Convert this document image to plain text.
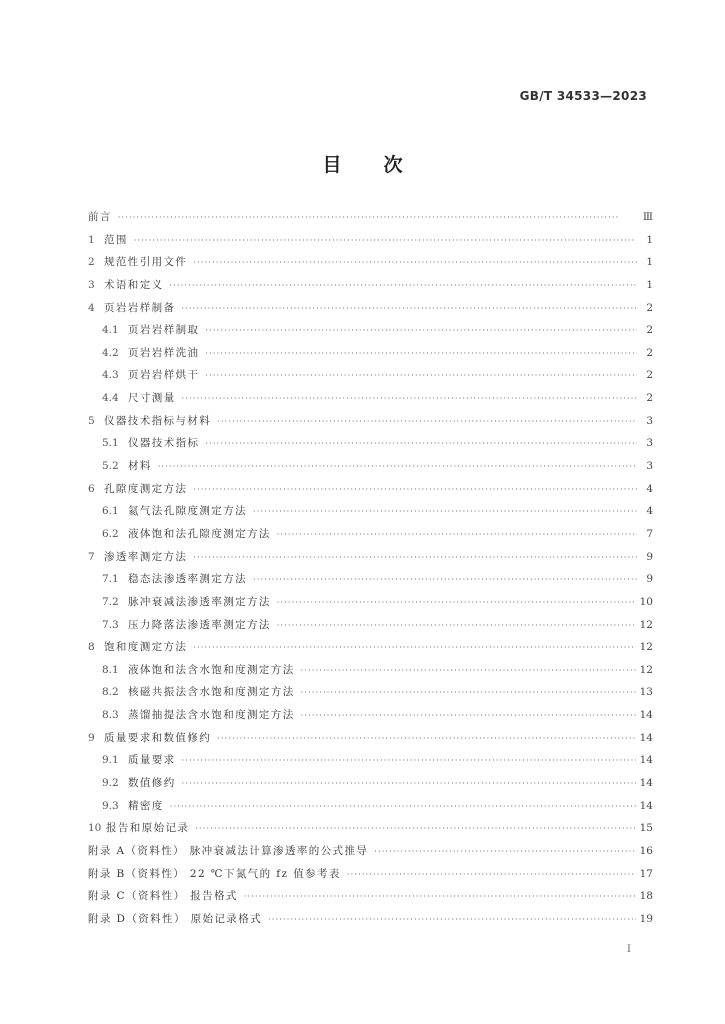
GB/T 34533—2023
目 次
前言 ·····	Ⅲ
1 范围 ·····	1
2 规范性引用文件 ·····	1
3 术语和定义 ·····	1
4 页岩岩样制备 ·····	2
4.1 页岩岩样制取 ·····	2
4.2 页岩岩样洗油 ·····	2
4.3 页岩岩样烘干 ·····	2
4.4 尺寸测量 ·····	2
5 仪器技术指标与材料 ·····	3
5.1 仪器技术指标 ·····	3
5.2 材料 ·····	3
6 孔隙度测定方法 ·····	4
6.1 氦气法孔隙度测定方法 ·····	4
6.2 液体饱和法孔隙度测定方法 ·····	7
7 渗透率测定方法 ·····	9
7.1 稳态法渗透率测定方法 ·····	9
7.2 脉冲衰减法渗透率测定方法 ·····	10
7.3 压力降落法渗透率测定方法 ·····	12
8 饱和度测定方法 ·····	12
8.1 液体饱和法含水饱和度测定方法 ·····	12
8.2 核磁共振法含水饱和度测定方法 ·····	13
8.3 蒸馏抽提法含水饱和度测定方法 ·····	14
9 质量要求和数值修约 ·····	14
9.1 质量要求 ·····	14
9.2 数值修约 ·····	14
9.3 精密度 ·····	14
10 报告和原始记录 ·····	15
附录 A（资料性） 脉冲衰减法计算渗透率的公式推导 ·····	16
附录 B（资料性） 22 ℃下氮气的 fz 值参考表 ·····	17
附录 C（资料性） 报告格式 ·····	18
附录 D（资料性） 原始记录格式 ·····	19
I
